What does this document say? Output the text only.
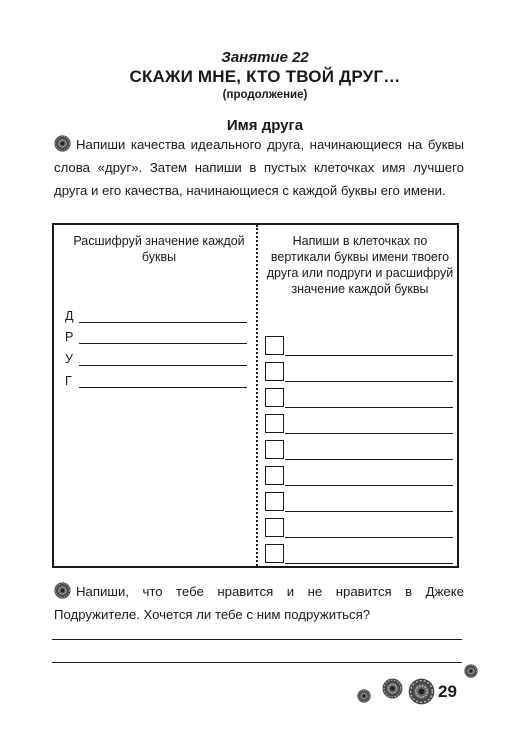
Занятие 22
СКАЖИ МНЕ, КТО ТВОЙ ДРУГ…
(продолжение)
Имя друга

Напиши качества идеального друга, начинающиеся на буквы слова «друг». Затем напиши в пустых клеточках имя лучшего друга и его качества, начинающиеся с каждой буквы его имени.

Расшифруй значение каждой буквы
Напиши в клеточках по вертикали буквы имени твоего друга или подруги и расшифруй значение каждой буквы
Д
Р
У
Г

Напиши, что тебе нравится и не нравится в Джеке Подружителе. Хочется ли тебе с ним подружиться?

29
